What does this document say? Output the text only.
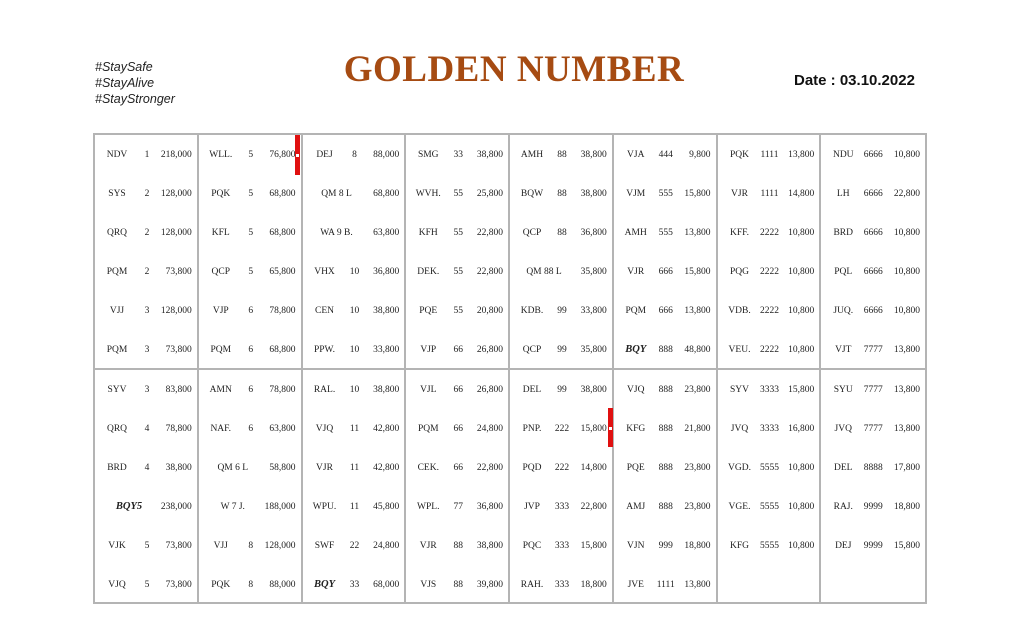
#StaySafe
#StayAlive
#StayStronger
GOLDEN NUMBER	Date : 03.10.2022
NDV	1	218,000
SYS	2	128,000
QRQ	2	128,000
PQM	2	73,800
VJJ	3	128,000
PQM	3	73,800
WLL.	5	76,800
PQK	5	68,800
KFL	5	68,800
QCP	5	65,800
VJP	6	78,800
PQM	6	68,800
DEJ	8	88,000
QM 8 L	68,800
WA 9 B.	63,800
VHX	10	36,800
CEN	10	38,800
PPW.	10	33,800
SMG	33	38,800
WVH.	55	25,800
KFH	55	22,800
DEK.	55	22,800
PQE	55	20,800
VJP	66	26,800
AMH	88	38,800
BQW	88	38,800
QCP	88	36,800
QM 88 L	35,800
KDB.	99	33,800
QCP	99	35,800
VJA	444	9,800
VJM	555	15,800
AMH	555	13,800
VJR	666	15,800
PQM	666	13,800
BQY	888	48,800
PQK	1111	13,800
VJR	1111	14,800
KFF.	2222 10,800
PQG	2222 10,800
VDB. 2222 10,800
VEU.	2222 10,800
NDU	6666	10,800
LH	6666	22,800
BRD	6666	10,800
PQL	6666	10,800
JUQ.	6666	10,800
VJT	7777	13,800
SYV	3	83,800
QRQ	4	78,800
BRD	4	38,800
BQY5	238,000
VJK	5	73,800
VJQ	5	73,800
AMN	6	78,800
NAF.	6	63,800
QM 6 L	58,800
W 7 J.	188,000
VJJ	8	128,000
PQK	8	88,000
RAL.	10	38,800
VJQ	11	42,800
VJR	11	42,800
WPU.	11	45,800
SWF	22	24,800
BQY	33	68,000
VJL	66	26,800
PQM	66	24,800
CEK.	66	22,800
WPL.	77	36,800
VJR	88	38,800
VJS	88	39,800
DEL	99	38,800
PNP.	222	15,800
PQD	222	14,800
JVP	333	22,800
PQC	333	15,800
RAH.	333	18,800
VJQ	888	23,800
KFG	888	21,800
PQE	888	23,800
AMJ	888	23,800
VJN	999	18,800
JVE	1111	13,800
SYV	3333 15,800
JVQ	3333 16,800
VGD. 5555 10,800
VGE.	5555 10,800
KFG	5555 10,800
SYU	7777	13,800
JVQ	7777	13,800
DEL	8888	17,800
RAJ.	9999	18,800
DEJ	9999	15,800
